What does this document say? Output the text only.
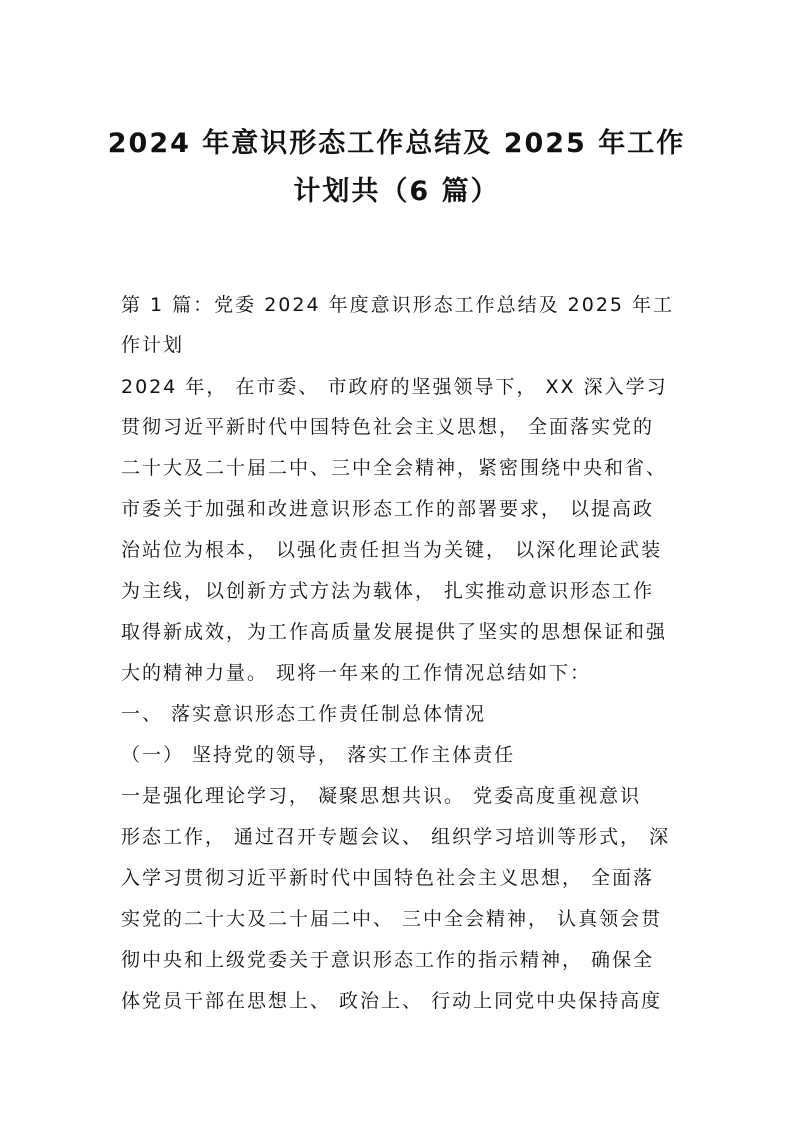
2024 年意识形态工作总结及 2025 年工作
计划共（6 篇）
第 1 篇：党委 2024 年度意识形态工作总结及 2025 年工
作计划
2024 年， 在市委、 市政府的坚强领导下， XX 深入学习
贯彻习近平新时代中国特色社会主义思想， 全面落实党的
二十大及二十届二中、三中全会精神，紧密围绕中央和省、
市委关于加强和改进意识形态工作的部署要求， 以提高政
治站位为根本， 以强化责任担当为关键， 以深化理论武装
为主线，以创新方式方法为载体， 扎实推动意识形态工作
取得新成效，为工作高质量发展提供了坚实的思想保证和强
大的精神力量。 现将一年来的工作情况总结如下：
一、 落实意识形态工作责任制总体情况
（一） 坚持党的领导， 落实工作主体责任
一是强化理论学习， 凝聚思想共识。 党委高度重视意识
形态工作， 通过召开专题会议、 组织学习培训等形式， 深
入学习贯彻习近平新时代中国特色社会主义思想， 全面落
实党的二十大及二十届二中、 三中全会精神， 认真领会贯
彻中央和上级党委关于意识形态工作的指示精神， 确保全
体党员干部在思想上、 政治上、 行动上同党中央保持高度
